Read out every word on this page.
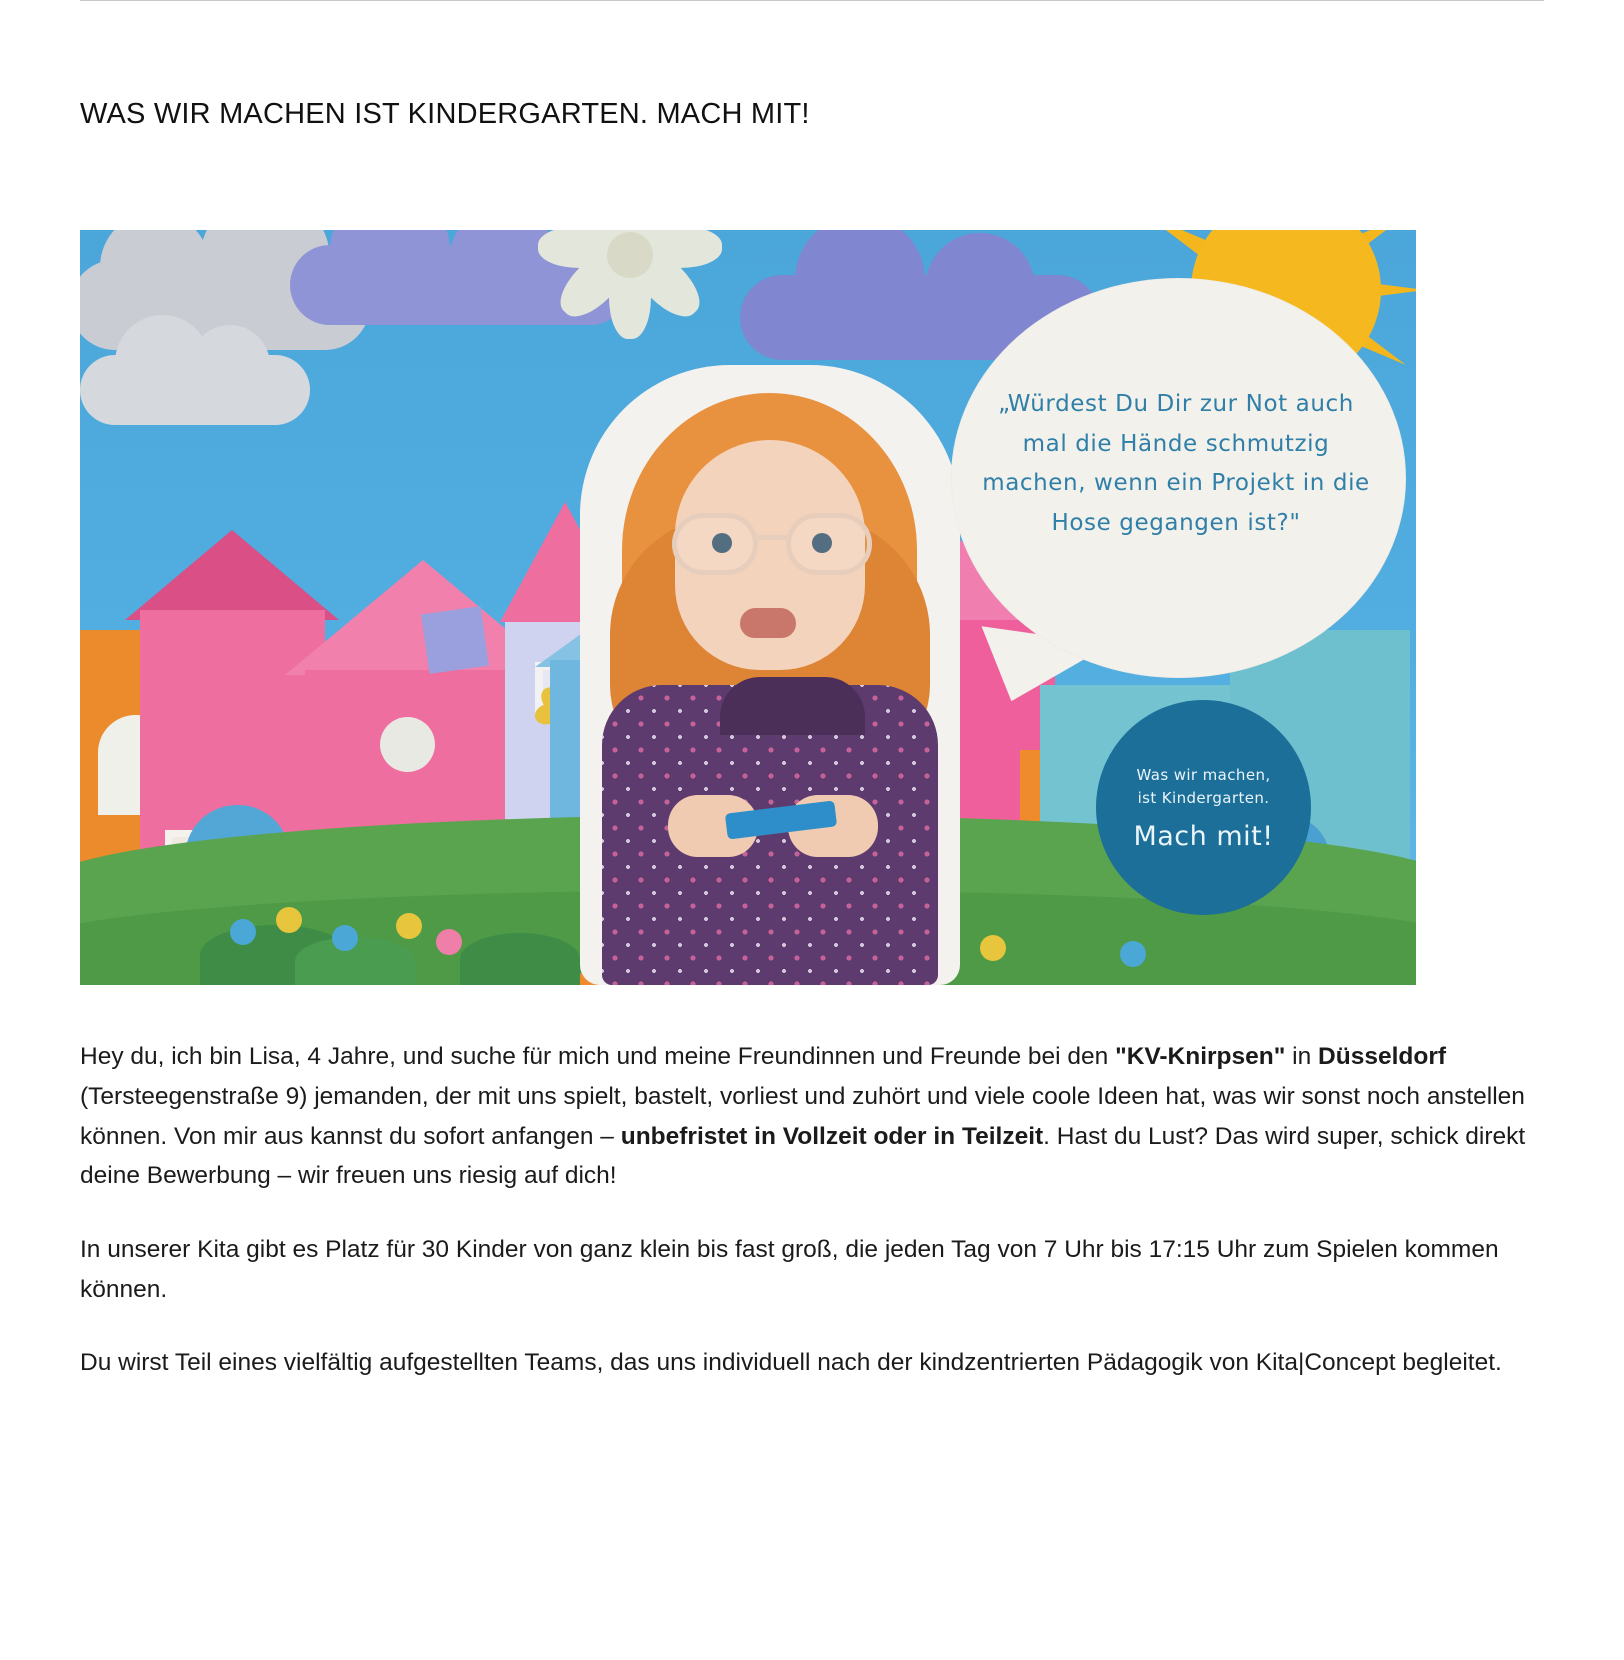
WAS WIR MACHEN IST KINDERGARTEN. MACH MIT!
„Würdest Du Dir zur Not auch mal die Hände schmutzig machen, wenn ein Projekt in die Hose gegangen ist?"
Was wir machen,
ist Kindergarten.
Mach mit!

Hey du, ich bin Lisa, 4 Jahre, und suche für mich und meine Freundinnen und Freunde bei den "KV-Knirpsen" in Düsseldorf (Tersteegenstraße 9) jemanden, der mit uns spielt, bastelt, vorliest und zuhört und viele coole Ideen hat, was wir sonst noch anstellen können. Von mir aus kannst du sofort anfangen – unbefristet in Vollzeit oder in Teilzeit. Hast du Lust? Das wird super, schick direkt deine Bewerbung – wir freuen uns riesig auf dich!

In unserer Kita gibt es Platz für 30 Kinder von ganz klein bis fast groß, die jeden Tag von 7 Uhr bis 17:15 Uhr zum Spielen kommen können.

Du wirst Teil eines vielfältig aufgestellten Teams, das uns individuell nach der kindzentrierten Pädagogik von Kita|Concept begleitet.
